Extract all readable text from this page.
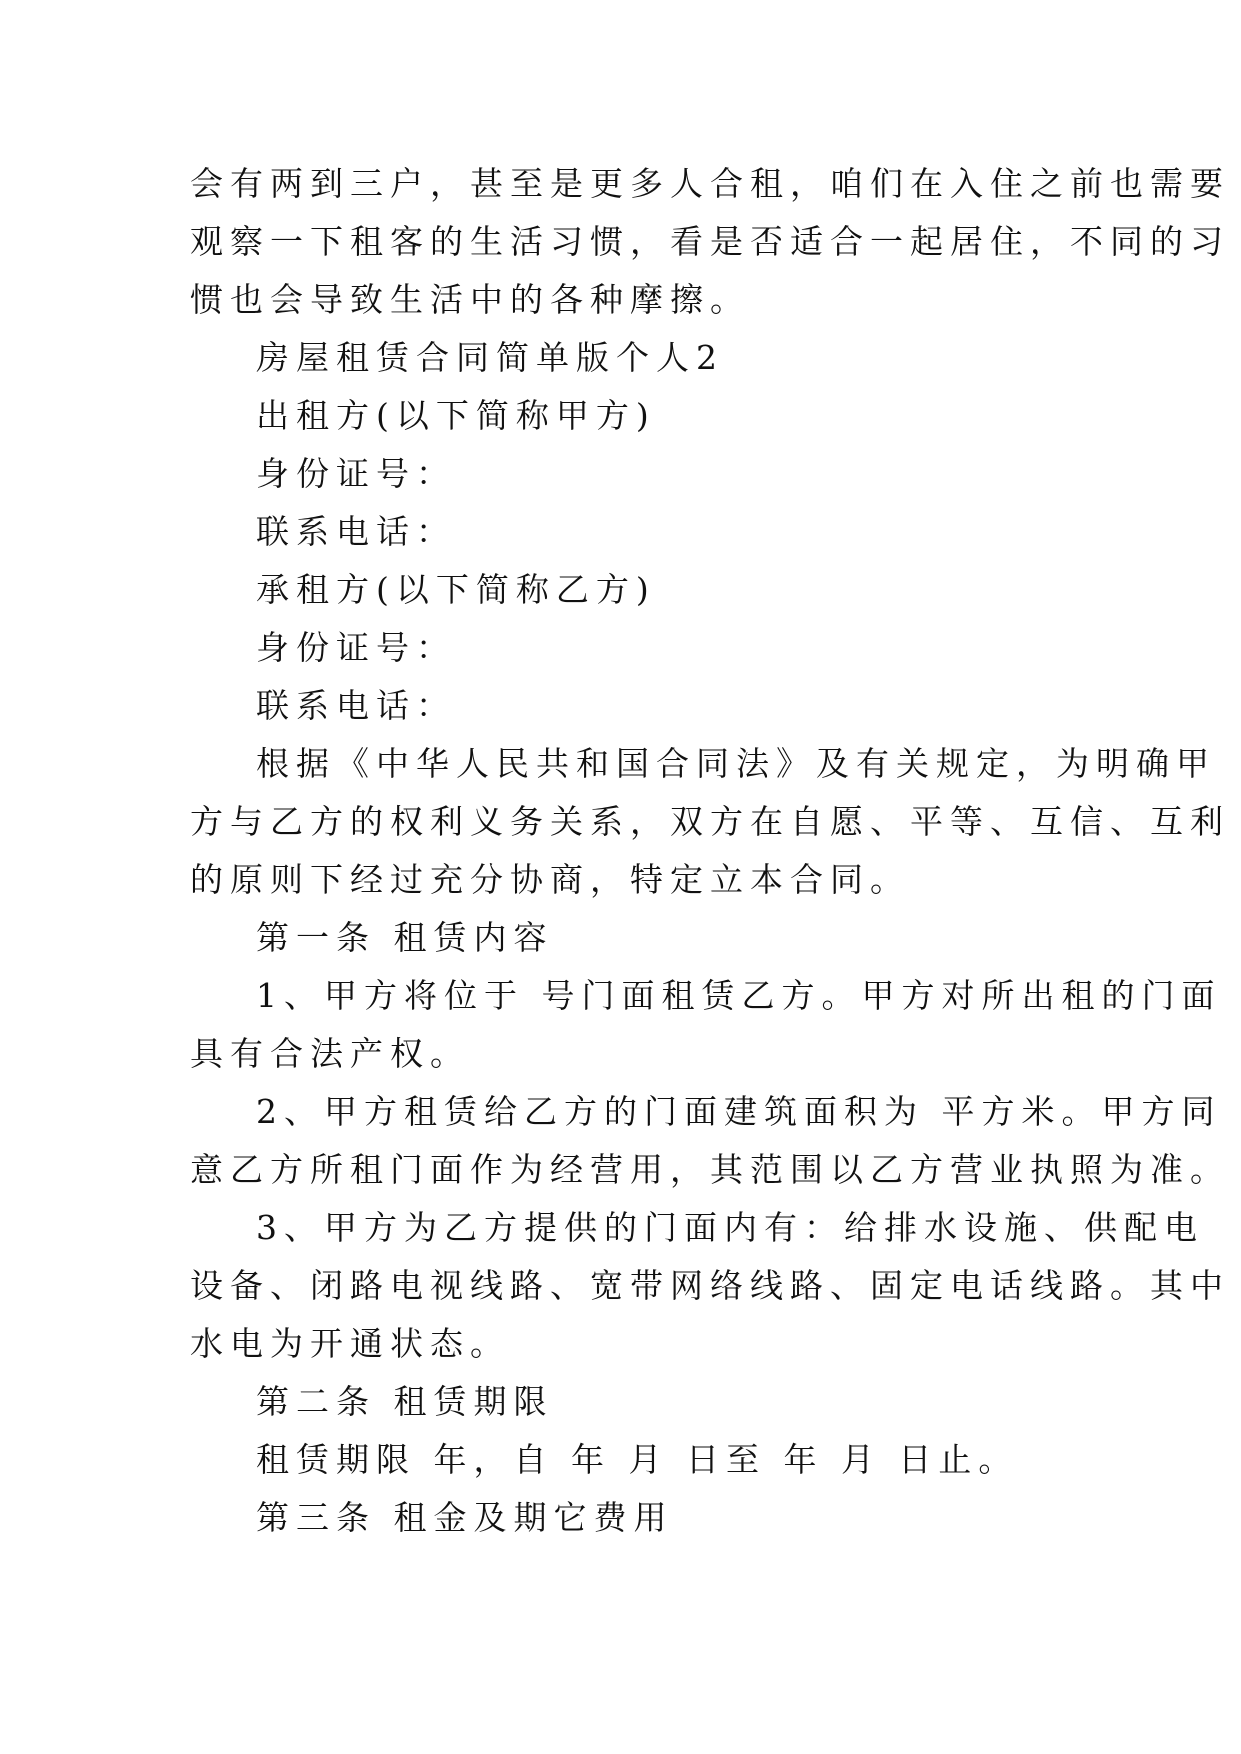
会有两到三户，甚至是更多人合租，咱们在入住之前也需要
观察一下租客的生活习惯，看是否适合一起居住，不同的习
惯也会导致生活中的各种摩擦。
房屋租赁合同简单版个人2
出租方(以下简称甲方)
身份证号：
联系电话：
承租方(以下简称乙方)
身份证号：
联系电话：
根据《中华人民共和国合同法》及有关规定，为明确甲
方与乙方的权利义务关系，双方在自愿、平等、互信、互利
的原则下经过充分协商，特定立本合同。
第一条 租赁内容
1、甲方将位于 号门面租赁乙方。甲方对所出租的门面
具有合法产权。
2、甲方租赁给乙方的门面建筑面积为 平方米。甲方同
意乙方所租门面作为经营用，其范围以乙方营业执照为准。
3、甲方为乙方提供的门面内有：给排水设施、供配电
设备、闭路电视线路、宽带网络线路、固定电话线路。其中
水电为开通状态。
第二条 租赁期限
租赁期限 年，自 年 月 日至 年 月 日止。
第三条 租金及期它费用
